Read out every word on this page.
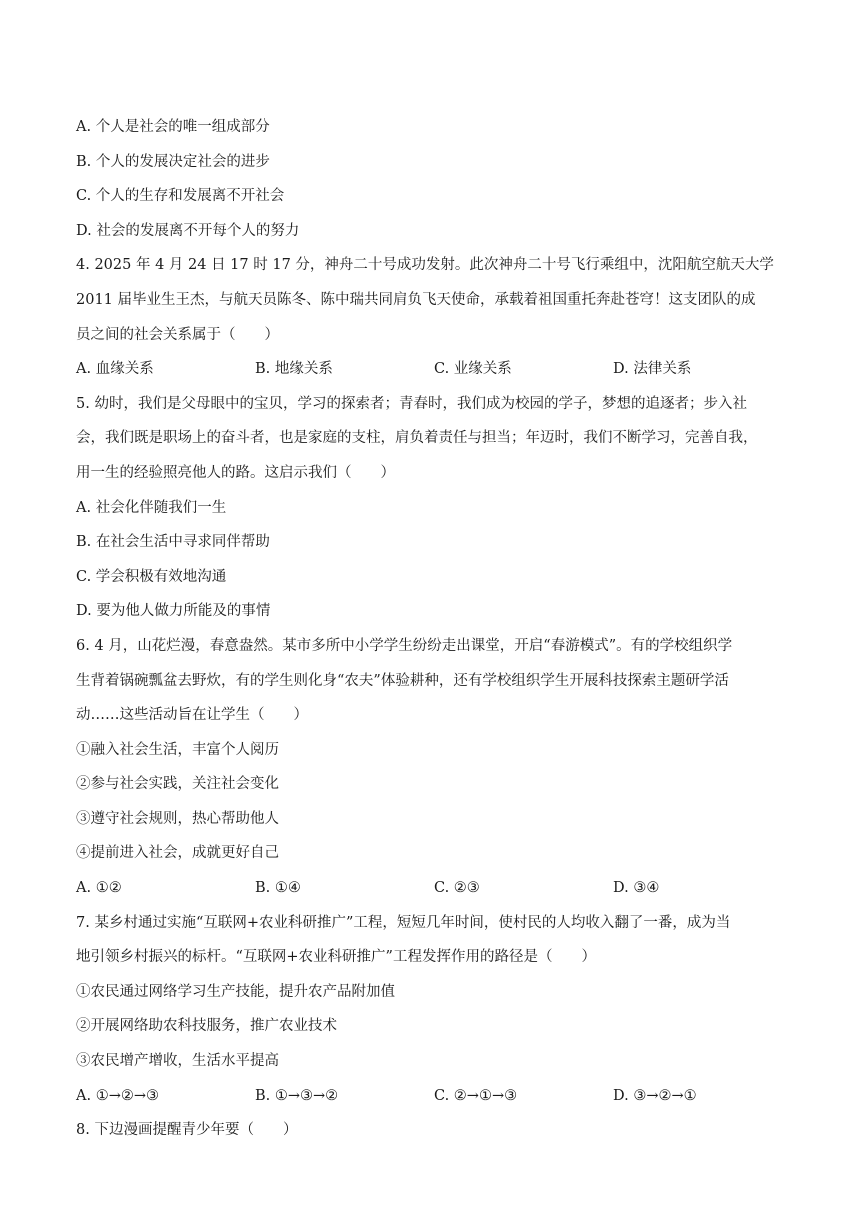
A. 个人是社会的唯一组成部分
B. 个人的发展决定社会的进步
C. 个人的生存和发展离不开社会
D. 社会的发展离不开每个人的努力
4. 2025 年 4 月 24 日 17 时 17 分，神舟二十号成功发射。此次神舟二十号飞行乘组中，沈阳航空航天大学
2011 届毕业生王杰，与航天员陈冬、陈中瑞共同肩负飞天使命，承载着祖国重托奔赴苍穹！这支团队的成
员之间的社会关系属于（　　）
A. 血缘关系	B. 地缘关系	C. 业缘关系	D. 法律关系
5. 幼时，我们是父母眼中的宝贝，学习的探索者；青春时，我们成为校园的学子，梦想的追逐者；步入社
会，我们既是职场上的奋斗者，也是家庭的支柱，肩负着责任与担当；年迈时，我们不断学习，完善自我，
用一生的经验照亮他人的路。这启示我们（　　）
A. 社会化伴随我们一生
B. 在社会生活中寻求同伴帮助
C. 学会积极有效地沟通
D. 要为他人做力所能及的事情
6. 4 月，山花烂漫，春意盎然。某市多所中小学学生纷纷走出课堂，开启“春游模式”。有的学校组织学
生背着锅碗瓢盆去野炊，有的学生则化身“农夫”体验耕种，还有学校组织学生开展科技探索主题研学活
动……这些活动旨在让学生（　　）
①融入社会生活，丰富个人阅历
②参与社会实践，关注社会变化
③遵守社会规则，热心帮助他人
④提前进入社会，成就更好自己
A. ①②	B. ①④	C. ②③	D. ③④
7. 某乡村通过实施“互联网+农业科研推广”工程，短短几年时间，使村民的人均收入翻了一番，成为当
地引领乡村振兴的标杆。“互联网+农业科研推广”工程发挥作用的路径是（　　）
①农民通过网络学习生产技能，提升农产品附加值
②开展网络助农科技服务，推广农业技术
③农民增产增收，生活水平提高
A. ①→②→③	B. ①→③→②	C. ②→①→③	D. ③→②→①
8. 下边漫画提醒青少年要（　　）
